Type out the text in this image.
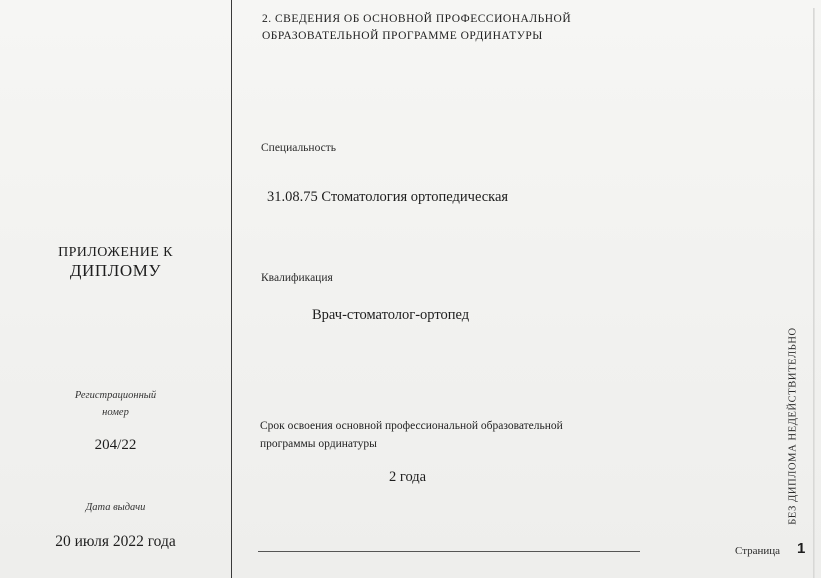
ПРИЛОЖЕНИЕ К
ДИПЛОМУ
Регистрационный
номер
204/22
Дата выдачи
20 июля 2022 года
2. СВЕДЕНИЯ ОБ ОСНОВНОЙ ПРОФЕССИОНАЛЬНОЙ
ОБРАЗОВАТЕЛЬНОЙ ПРОГРАММЕ ОРДИНАТУРЫ
Специальность
31.08.75 Стоматология ортопедическая
Квалификация
Врач-стоматолог-ортопед
Срок освоения основной профессиональной образовательной
программы ординатуры
2 года
Страница 1
БЕЗ ДИПЛОМА НЕДЕЙСТВИТЕЛЬНО
